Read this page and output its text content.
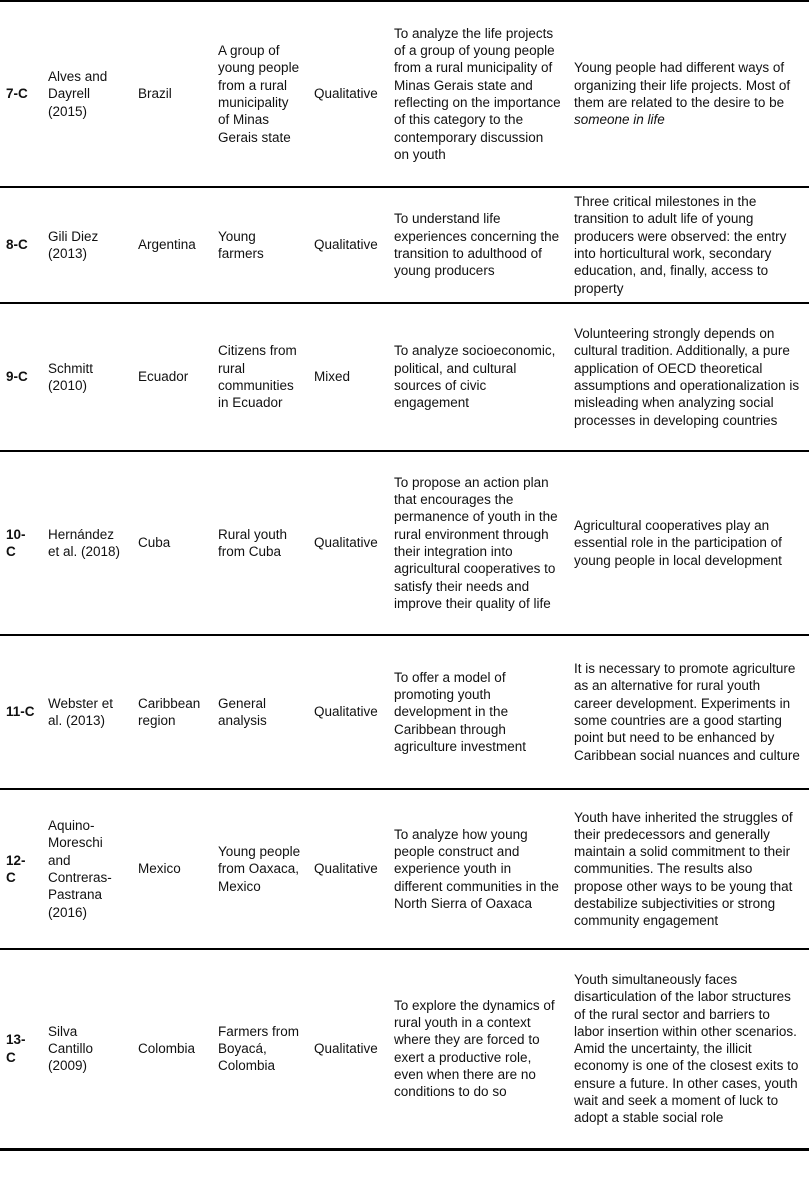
7-C	Alves and Dayrell (2015)	Brazil	A group of young people from a rural municipality of Minas Gerais state	Qualitative	To analyze the life projects of a group of young people from a rural municipality of Minas Gerais state and reflecting on the importance of this category to the contemporary discussion on youth	Young people had different ways of organizing their life projects. Most of them are related to the desire to be someone in life
8-C	Gili Diez (2013)	Argentina	Young farmers	Qualitative	To understand life experiences concerning the transition to adulthood of young producers	Three critical milestones in the transition to adult life of young producers were observed: the entry into horticultural work, secondary education, and, finally, access to property
9-C	Schmitt (2010)	Ecuador	Citizens from rural communities in Ecuador	Mixed	To analyze socioeconomic, political, and cultural sources of civic engagement	Volunteering strongly depends on cultural tradition. Additionally, a pure application of OECD theoretical assumptions and operationalization is misleading when analyzing social processes in developing countries
10-C	Hernández et al. (2018)	Cuba	Rural youth from Cuba	Qualitative	To propose an action plan that encourages the permanence of youth in the rural environment through their integration into agricultural cooperatives to satisfy their needs and improve their quality of life	Agricultural cooperatives play an essential role in the participation of young people in local development
11-C	Webster et al. (2013)	Caribbean region	General analysis	Qualitative	To offer a model of promoting youth development in the Caribbean through agriculture investment	It is necessary to promote agriculture as an alternative for rural youth career development. Experiments in some countries are a good starting point but need to be enhanced by Caribbean social nuances and culture
12-C	Aquino-Moreschi and Contreras-Pastrana (2016)	Mexico	Young people from Oaxaca, Mexico	Qualitative	To analyze how young people construct and experience youth in different communities in the North Sierra of Oaxaca	Youth have inherited the struggles of their predecessors and generally maintain a solid commitment to their communities. The results also propose other ways to be young that destabilize subjectivities or strong community engagement
13-C	Silva Cantillo (2009)	Colombia	Farmers from Boyacá, Colombia	Qualitative	To explore the dynamics of rural youth in a context where they are forced to exert a productive role, even when there are no conditions to do so	Youth simultaneously faces disarticulation of the labor structures of the rural sector and barriers to labor insertion within other scenarios. Amid the uncertainty, the illicit economy is one of the closest exits to ensure a future. In other cases, youth wait and seek a moment of luck to adopt a stable social role
